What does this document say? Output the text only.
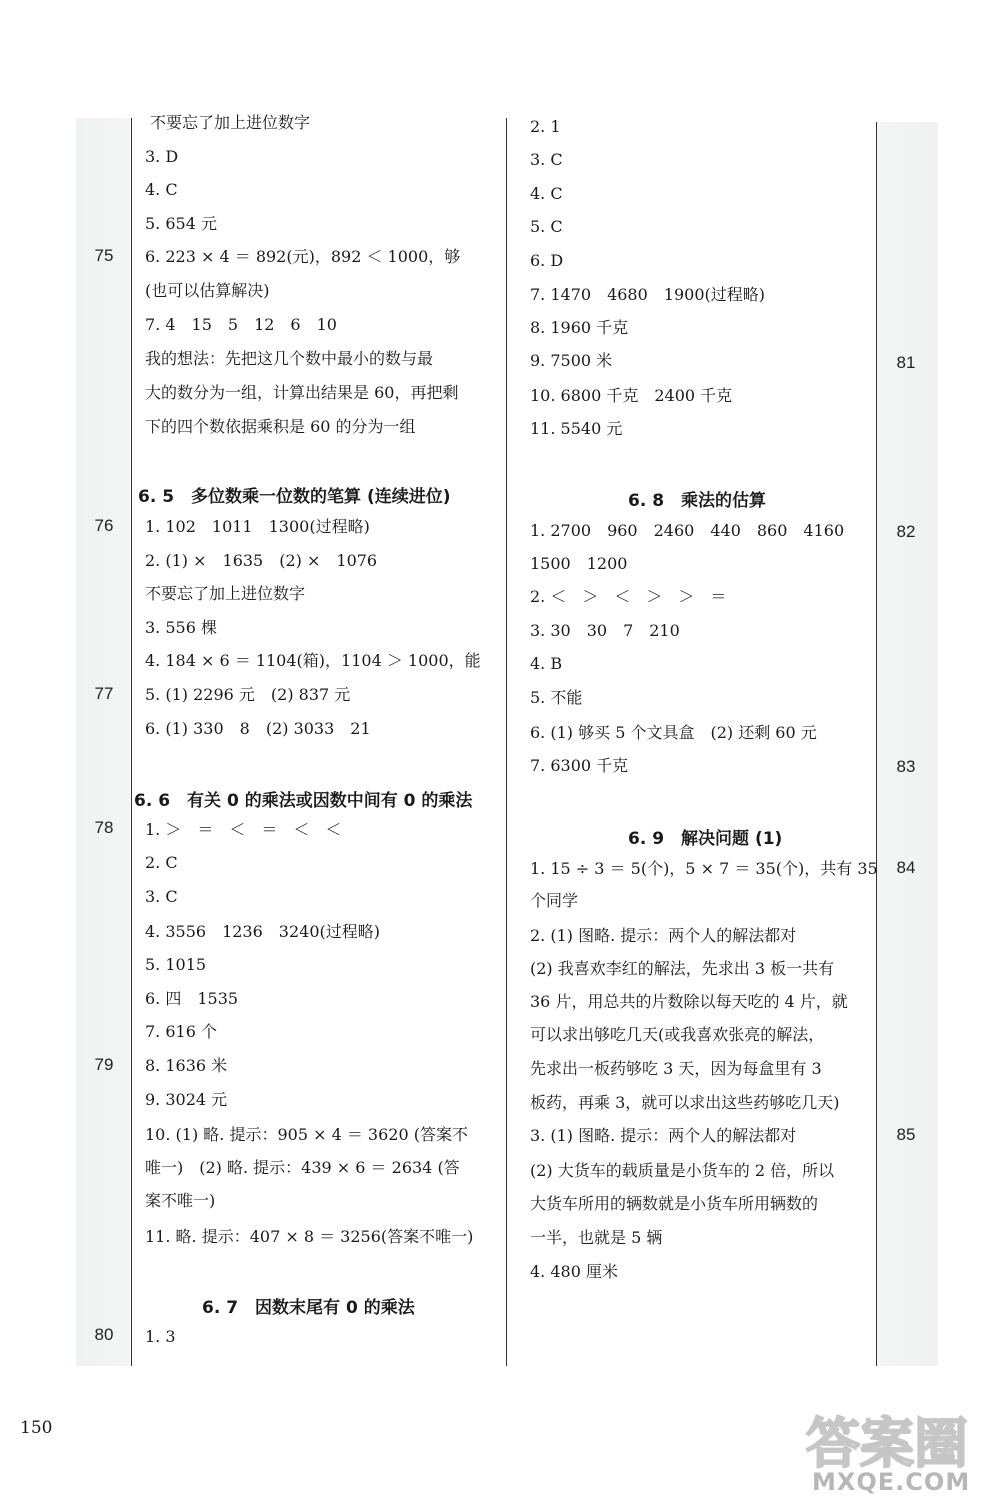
75
76
77
78
79
80
81
82
83
84
85
不要忘了加上进位数字
3. D
4. C
5. 654 元
6. 223 × 4 ＝ 892(元)，892 ＜ 1000，够
(也可以估算解决)
7. 4　15　5　12　6　10
我的想法：先把这几个数中最小的数与最
大的数分为一组，计算出结果是 60，再把剩
下的四个数依据乘积是 60 的分为一组
6. 5　多位数乘一位数的笔算 (连续进位)
1. 102　1011　1300(过程略)
2. (1) ×　1635　(2) ×　1076
不要忘了加上进位数字
3. 556 棵
4. 184 × 6 ＝ 1104(箱)，1104 ＞ 1000，能
5. (1) 2296 元　(2) 837 元
6. (1) 330　8　(2) 3033　21
6. 6　有关 0 的乘法或因数中间有 0 的乘法
1. ＞　＝　＜　＝　＜　＜
2. C
3. C
4. 3556　1236　3240(过程略)
5. 1015
6. 四　1535
7. 616 个
8. 1636 米
9. 3024 元
10. (1) 略. 提示：905 × 4 ＝ 3620 (答案不
唯一)　(2) 略. 提示：439 × 6 ＝ 2634 (答
案不唯一)
11. 略. 提示：407 × 8 ＝ 3256(答案不唯一)
6. 7　因数末尾有 0 的乘法
1. 3
2. 1
3. C
4. C
5. C
6. D
7. 1470　4680　1900(过程略)
8. 1960 千克
9. 7500 米
10. 6800 千克　2400 千克
11. 5540 元
6. 8　乘法的估算
1. 2700　960　2460　440　860　4160
1500　1200
2. ＜　＞　＜　＞　＞　＝
3. 30　30　7　210
4. B
5. 不能
6. (1) 够买 5 个文具盒　(2) 还剩 60 元
7. 6300 千克
6. 9　解决问题 (1)
1. 15 ÷ 3 ＝ 5(个)，5 × 7 ＝ 35(个)，共有 35
个同学
2. (1) 图略. 提示：两个人的解法都对
(2) 我喜欢李红的解法，先求出 3 板一共有
36 片，用总共的片数除以每天吃的 4 片，就
可以求出够吃几天(或我喜欢张亮的解法，
先求出一板药够吃 3 天，因为每盒里有 3
板药，再乘 3，就可以求出这些药够吃几天)
3. (1) 图略. 提示：两个人的解法都对
(2) 大货车的载质量是小货车的 2 倍，所以
大货车所用的辆数就是小货车所用辆数的
一半，也就是 5 辆
4. 480 厘米
150	答案圈
MXQE.COM
